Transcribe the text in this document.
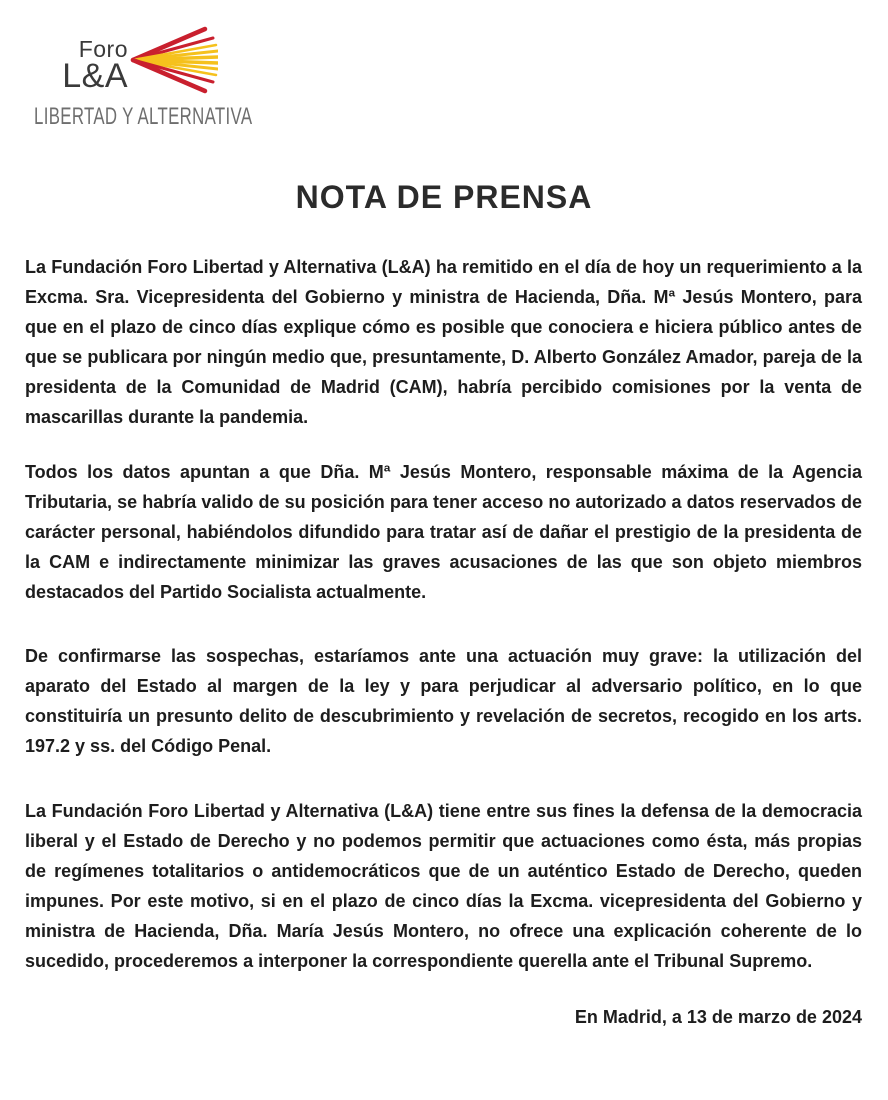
Foro
L&A
LIBERTAD Y ALTERNATIVA
NOTA DE PRENSA

La Fundación Foro Libertad y Alternativa (L&A) ha remitido en el día de hoy un requerimiento a la Excma. Sra. Vicepresidenta del Gobierno y ministra de Hacienda, Dña. Mª Jesús Montero, para que en el plazo de cinco días explique cómo es posible que conociera e hiciera público antes de que se publicara por ningún medio que, presuntamente, D. Alberto González Amador, pareja de la presidenta de la Comunidad de Madrid (CAM), habría percibido comisiones por la venta de mascarillas durante la pandemia.

Todos los datos apuntan a que Dña. Mª Jesús Montero, responsable máxima de la Agencia Tributaria, se habría valido de su posición para tener acceso no autorizado a datos reservados de carácter personal, habiéndolos difundido para tratar así de dañar el prestigio de la presidenta de la CAM e indirectamente minimizar las graves acusaciones de las que son objeto miembros destacados del Partido Socialista actualmente.

De confirmarse las sospechas, estaríamos ante una actuación muy grave: la utilización del aparato del Estado al margen de la ley y para perjudicar al adversario político, en lo que constituiría un presunto delito de descubrimiento y revelación de secretos, recogido en los arts. 197.2 y ss. del Código Penal.

La Fundación Foro Libertad y Alternativa (L&A) tiene entre sus fines la defensa de la democracia liberal y el Estado de Derecho y no podemos permitir que actuaciones como ésta, más propias de regímenes totalitarios o antidemocráticos que de un auténtico Estado de Derecho, queden impunes. Por este motivo, si en el plazo de cinco días la Excma. vicepresidenta del Gobierno y ministra de Hacienda, Dña. María Jesús Montero, no ofrece una explicación coherente de lo sucedido, procederemos a interponer la correspondiente querella ante el Tribunal Supremo.

En Madrid, a 13 de marzo de 2024
